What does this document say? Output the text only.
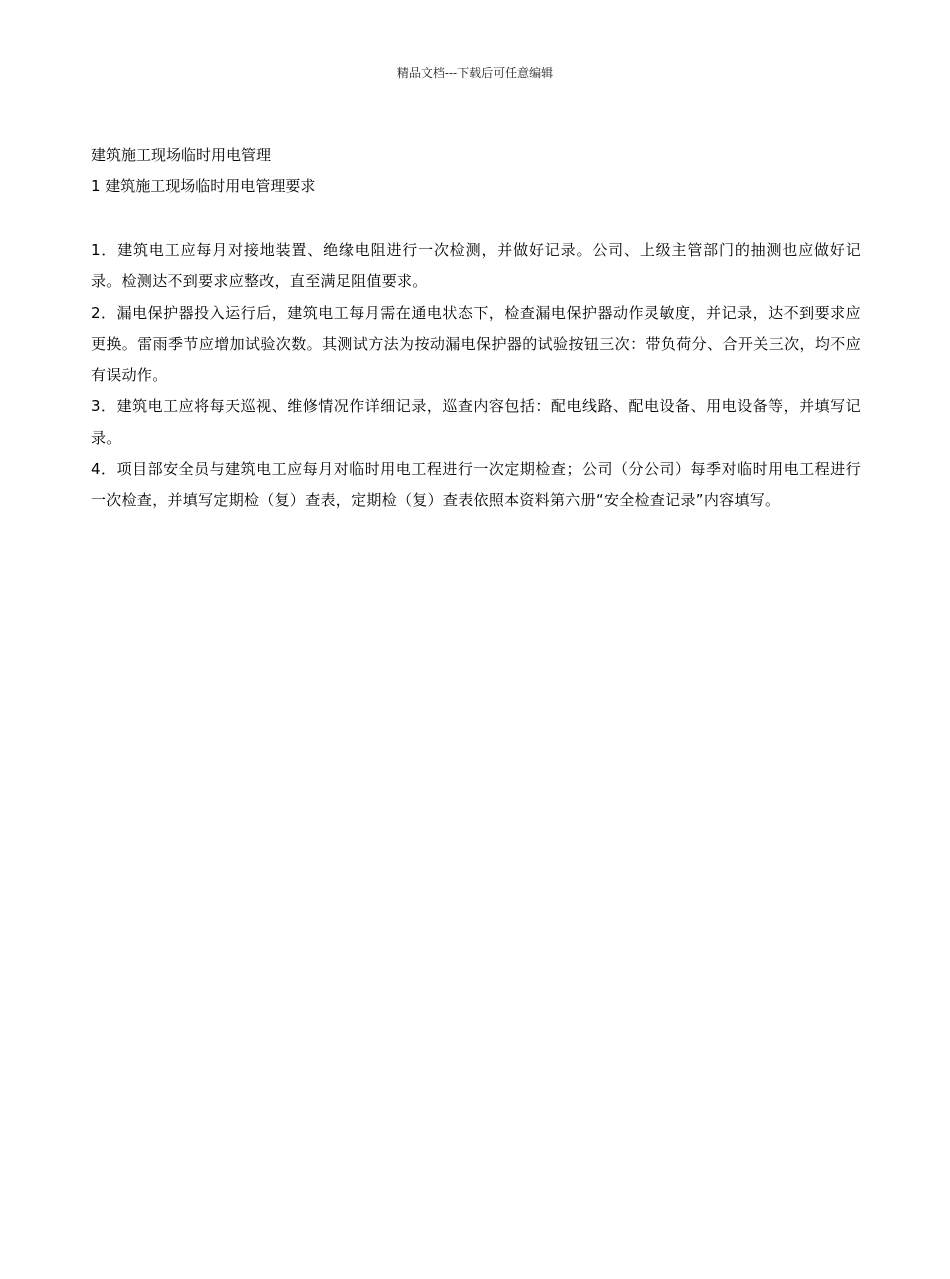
精品文档---下载后可任意编辑
建筑施工现场临时用电管理
1 建筑施工现场临时用电管理要求

1．建筑电工应每月对接地装置、绝缘电阻进行一次检测，并做好记录。公司、上级主管部门的抽测也应做好记录。检测达不到要求应整改，直至满足阻值要求。

2．漏电保护器投入运行后，建筑电工每月需在通电状态下，检查漏电保护器动作灵敏度，并记录，达不到要求应更换。雷雨季节应增加试验次数。其测试方法为按动漏电保护器的试验按钮三次：带负荷分、合开关三次，均不应有误动作。

3．建筑电工应将每天巡视、维修情况作详细记录，巡查内容包括：配电线路、配电设备、用电设备等，并填写记录。

4．项目部安全员与建筑电工应每月对临时用电工程进行一次定期检查；公司（分公司）每季对临时用电工程进行一次检查，并填写定期检（复）查表，定期检（复）查表依照本资料第六册“安全检查记录”内容填写。
